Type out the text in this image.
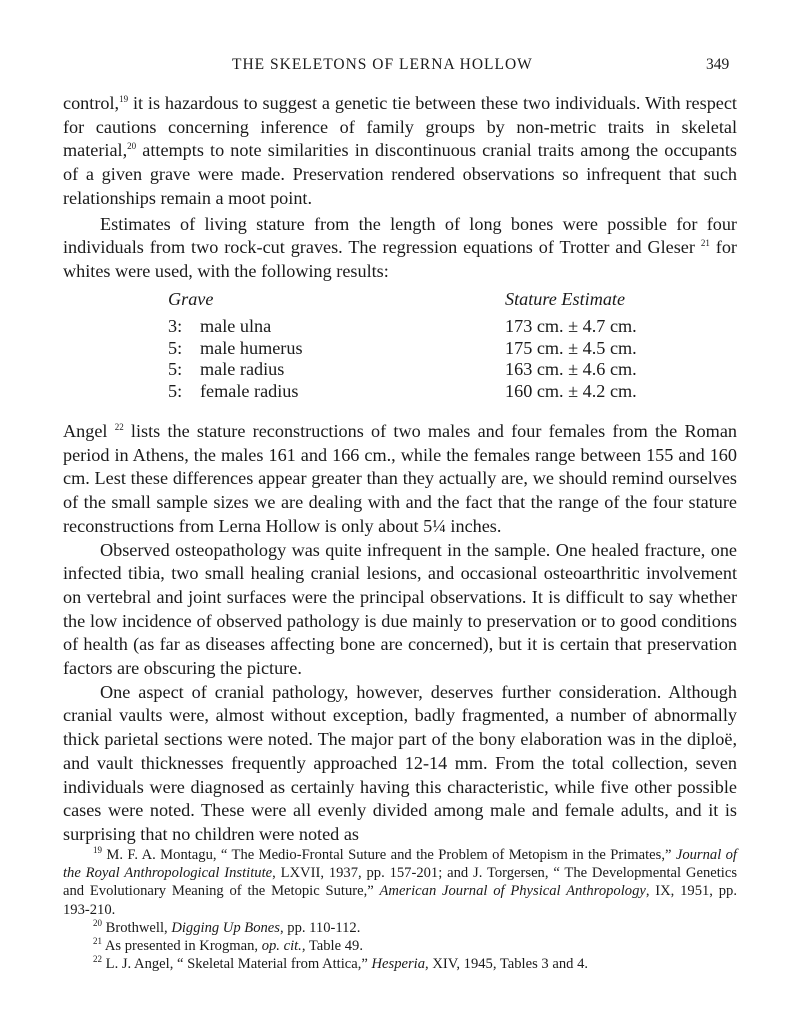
THE SKELETONS OF LERNA HOLLOW	349

control,$^{19}$ it is hazardous to suggest a genetic tie between these two individuals. With respect for cautions concerning inference of family groups by non-metric traits in skeletal material,$^{20}$ attempts to note similarities in discontinuous cranial traits among the occupants of a given grave were made. Preservation rendered observations so infrequent that such relationships remain a moot point.

Estimates of living stature from the length of long bones were possible for four individuals from two rock-cut graves. The regression equations of Trotter and Gleser $^{21}$ for whites were used, with the following results:

Grave	Stature Estimate
3: male ulna	173 cm. ± 4.7 cm.
5: male humerus	175 cm. ± 4.5 cm.
5: male radius	163 cm. ± 4.6 cm.
5: female radius	160 cm. ± 4.2 cm.

Angel $^{22}$ lists the stature reconstructions of two males and four females from the Roman period in Athens, the males 161 and 166 cm., while the females range between 155 and 160 cm. Lest these differences appear greater than they actually are, we should remind ourselves of the small sample sizes we are dealing with and the fact that the range of the four stature reconstructions from Lerna Hollow is only about 5¼ inches.

Observed osteopathology was quite infrequent in the sample. One healed fracture, one infected tibia, two small healing cranial lesions, and occasional osteoarthritic involvement on vertebral and joint surfaces were the principal observations. It is difficult to say whether the low incidence of observed pathology is due mainly to preservation or to good conditions of health (as far as diseases affecting bone are concerned), but it is certain that preservation factors are obscuring the picture.

One aspect of cranial pathology, however, deserves further consideration. Although cranial vaults were, almost without exception, badly fragmented, a number of abnormally thick parietal sections were noted. The major part of the bony elaboration was in the diploë, and vault thicknesses frequently approached 12-14 mm. From the total collection, seven individuals were diagnosed as certainly having this characteristic, while five other possible cases were noted. These were all evenly divided among male and female adults, and it is surprising that no children were noted as

$^{19}$ M. F. A. Montagu, “ The Medio-Frontal Suture and the Problem of Metopism in the Primates,” Journal of the Royal Anthropological Institute, LXVII, 1937, pp. 157-201; and J. Torgersen, “ The Developmental Genetics and Evolutionary Meaning of the Metopic Suture,” American Journal of Physical Anthropology, IX, 1951, pp. 193-210.

$^{20}$ Brothwell, Digging Up Bones, pp. 110-112.

$^{21}$ As presented in Krogman, op. cit., Table 49.

$^{22}$ L. J. Angel, “ Skeletal Material from Attica,” Hesperia, XIV, 1945, Tables 3 and 4.
